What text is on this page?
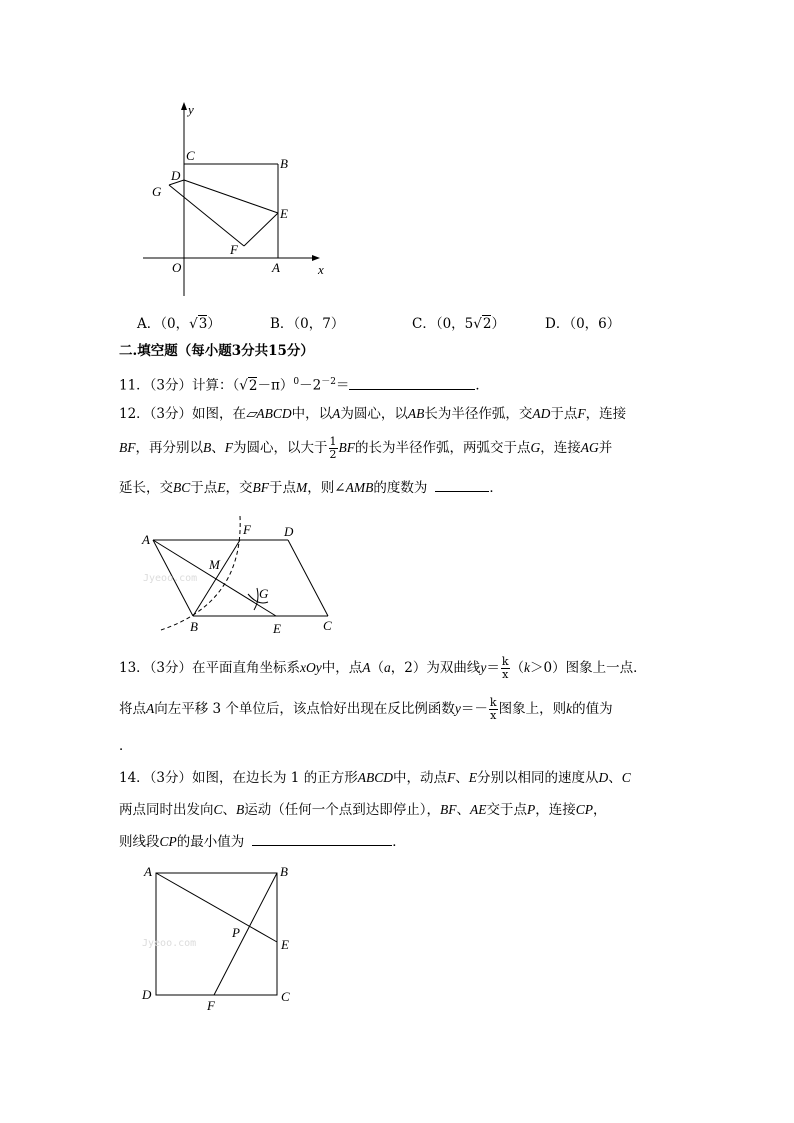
y
x
O	A
B
C
D
E
F
G
A．（0，√3）	B．（0，7）	C．（0，5√2）	D．（0，6）
二.填空题（每小题3分共15分）
11．（3分）计算：$(√2-\pi)^0-2^{-2}=$	．
12．（3分）如图，在▱ABCD中，以A为圆心，以AB长为半径作弧，交AD于点F，连接
BF，再分别以B、F为圆心，以大于 $\frac{1}{2}$ BF的长为半径作弧，两弧交于点G，连接AG并
延长，交BC于点E，交BF于点M，则∠AMB的度数为	．
A
F	D
M
G
B	E	C
Jyeoo.com
13．（3分）在平面直角坐标系xOy中，点A（a，2）为双曲线$y= \frac{k}{x} (k>0)$图象上一点．
将点A向左平移 3 个单位后，该点恰好出现在反比例函数$y=- \frac{k}{x}$ 图象上，则k的值为
．
14．（3分）如图，在边长为 1 的正方形ABCD中，动点F、E分别以相同的速度从D、C
两点同时出发向C、B运动（任何一个点到达即停止），BF、AE交于点P，连接CP，
则线段CP的最小值为	．
A	B
P
E
D
F
C
Jyeoo.com
